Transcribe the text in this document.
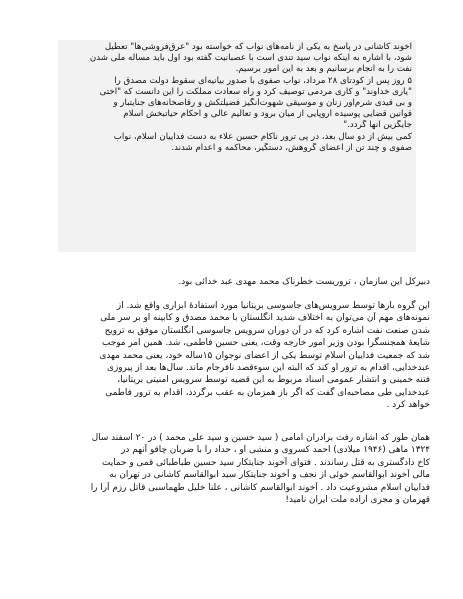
آخوند کاشانی در پاسخ به یکی از نامه‌های نواب که خواسته بود "عرق‌فروشی‌ها" تعطیل
شود، با اشاره به اینکه نواب سید تندی است با عصبانیت گفته بود اول باید مسأله ملی شدن
نفت را به انجام برسانیم و بعد به این امور برسیم.
۵ روز پس از کودتای ۲۸ مرداد، نواب صفوی با صدور بیانیه‌ای سقوط دولت مصدق را
"یاری خداوند" و کاری مردمی توصیف کرد و راه سعادت مملکت را این دانست که "اختی
و بی قیدی شرم‌آور زنان و موسیقی شهوت‌انگیز فضیلتکش و رقاصخانه‌های جنایتبار و
قوانین قضایی پوسیده اروپایی از میان برود و تعالیم عالی و احکام حیاتبخش اسلام
جایگزین آنها گردد."
کمی بیش از دو سال بعد، در پی ترور ناکام حسین علاء به دست فداییان اسلام، نواب
صفوی و چند تن از اعضای گروهش، دستگیر، محاکمه و اعدام شدند.
دبیرکل این سازمان ، تروریست خطرناک محمد مهدی عبد خدائی بود.
این گروه بارها توسط سرویس‌های جاسوسی بریتانیا مورد استفادهٔ ابزاری واقع شد. از
نمونه‌های مهم آن می‌توان به اختلاف شدید انگلستان با محمد مصدق و کابینه او بر سر ملی
شدن صنعت نفت اشاره کرد که در آن دوران سرویس جاسوسی انگلستان موفق به ترویج
شایعهٔ همجنسگرا بودن وزیر امور خارجه وقت، یعنی حسین فاطمی، شد. همین امر موجب
شد که جمعیت فداییان اسلام توسط یکی از اعضای نوجوان ۱۵ساله خود، یعنی محمد مهدی
عبدخدایی، اقدام به ترور او کند که البته این سوءقصد نافرجام ماند. سال‌ها بعد از پیروزی
فتنه خمینی و انتشار عمومی اسناد مربوط به این قضیه توسط سرویس امنیتی بریتانیا،
عبدخدایی طی مصاحبه‌ای گفت که اگر باز همزمان به عقب برگردد، اقدام به ترور فاطمی
خواهد کرد .
همان طور که اشاره رفت برادران امامی ( سید حسین و سید علی محمد ) در ۲۰ اسفند سال
۱۳۲۴ ماهی (۱۹۴۶ میلادی) احمد کسروی و منشی او ، حداد را با ضربان چاقو آنهم در
کاخ دادگستری به قتل رساندند . فتوای آخوند جنایتکار سید حسین طباطبائی قمی و حمایت
مالی آخوند ابوالقاسم خوئی از نجف و آخوند جنایتکار سید ابوالقاسم کاشانی در تهران به
فداییان اسلام مشروعیت داد . آخوند ابوالقاسم کاشانی ، علنا خلیل طهماسبی قاتل رزم آرا را
قهرمان و مجری اراده ملت ایران نامید!
